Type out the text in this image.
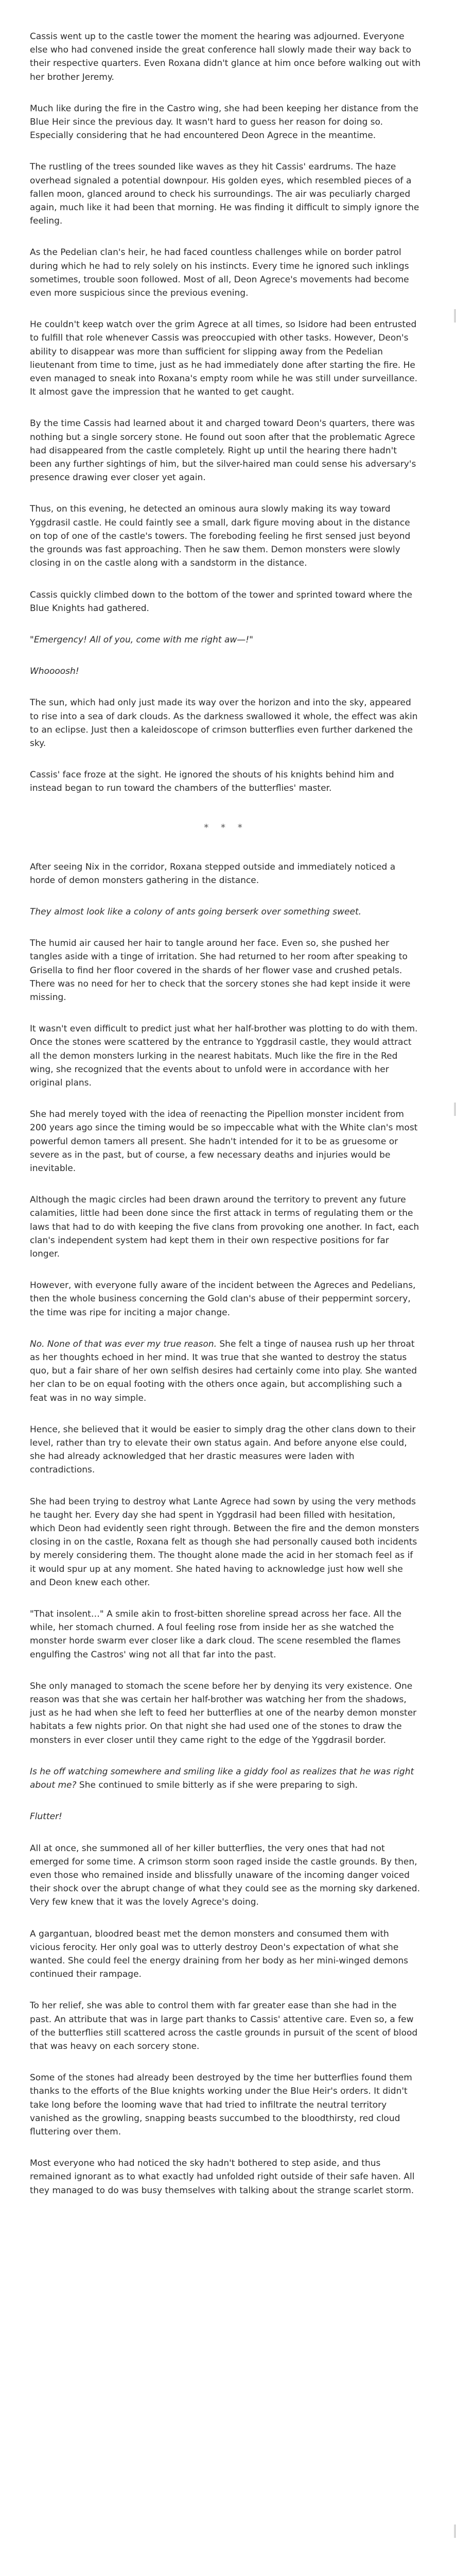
Cassis went up to the castle tower the moment the hearing was adjourned. Everyone else who had convened inside the great conference hall slowly made their way back to their respective quarters. Even Roxana didn't glance at him once before walking out with her brother Jeremy.

Much like during the fire in the Castro wing, she had been keeping her distance from the Blue Heir since the previous day. It wasn't hard to guess her reason for doing so. Especially considering that he had encountered Deon Agrece in the meantime.

The rustling of the trees sounded like waves as they hit Cassis' eardrums. The haze overhead signaled a potential downpour. His golden eyes, which resembled pieces of a fallen moon, glanced around to check his surroundings. The air was peculiarly charged again, much like it had been that morning. He was finding it difficult to simply ignore the feeling.

As the Pedelian clan's heir, he had faced countless challenges while on border patrol during which he had to rely solely on his instincts. Every time he ignored such inklings sometimes, trouble soon followed. Most of all, Deon Agrece's movements had become even more suspicious since the previous evening.

He couldn't keep watch over the grim Agrece at all times, so Isidore had been entrusted to fulfill that role whenever Cassis was preoccupied with other tasks. However, Deon's ability to disappear was more than sufficient for slipping away from the Pedelian lieutenant from time to time, just as he had immediately done after starting the fire. He even managed to sneak into Roxana's empty room while he was still under surveillance. It almost gave the impression that he wanted to get caught.

By the time Cassis had learned about it and charged toward Deon's quarters, there was nothing but a single sorcery stone. He found out soon after that the problematic Agrece had disappeared from the castle completely. Right up until the hearing there hadn't been any further sightings of him, but the silver-haired man could sense his adversary's presence drawing ever closer yet again.

Thus, on this evening, he detected an ominous aura slowly making its way toward Yggdrasil castle. He could faintly see a small, dark figure moving about in the distance on top of one of the castle's towers. The foreboding feeling he first sensed just beyond the grounds was fast approaching. Then he saw them. Demon monsters were slowly closing in on the castle along with a sandstorm in the distance.

Cassis quickly climbed down to the bottom of the tower and sprinted toward where the Blue Knights had gathered.

"Emergency! All of you, come with me right aw—!"

Whoooosh!

The sun, which had only just made its way over the horizon and into the sky, appeared to rise into a sea of dark clouds. As the darkness swallowed it whole, the effect was akin to an eclipse. Just then a kaleidoscope of crimson butterflies even further darkened the sky.

Cassis' face froze at the sight. He ignored the shouts of his knights behind him and instead began to run toward the chambers of the butterflies' master.

* * *

After seeing Nix in the corridor, Roxana stepped outside and immediately noticed a horde of demon monsters gathering in the distance.

They almost look like a colony of ants going berserk over something sweet.

The humid air caused her hair to tangle around her face. Even so, she pushed her tangles aside with a tinge of irritation. She had returned to her room after speaking to Grisella to find her floor covered in the shards of her flower vase and crushed petals. There was no need for her to check that the sorcery stones she had kept inside it were missing.

It wasn't even difficult to predict just what her half-brother was plotting to do with them. Once the stones were scattered by the entrance to Yggdrasil castle, they would attract all the demon monsters lurking in the nearest habitats. Much like the fire in the Red wing, she recognized that the events about to unfold were in accordance with her original plans.

She had merely toyed with the idea of reenacting the Pipellion monster incident from 200 years ago since the timing would be so impeccable what with the White clan's most powerful demon tamers all present. She hadn't intended for it to be as gruesome or severe as in the past, but of course, a few necessary deaths and injuries would be inevitable.

Although the magic circles had been drawn around the territory to prevent any future calamities, little had been done since the first attack in terms of regulating them or the laws that had to do with keeping the five clans from provoking one another. In fact, each clan's independent system had kept them in their own respective positions for far longer.

However, with everyone fully aware of the incident between the Agreces and Pedelians, then the whole business concerning the Gold clan's abuse of their peppermint sorcery, the time was ripe for inciting a major change.

No. None of that was ever my true reason. She felt a tinge of nausea rush up her throat as her thoughts echoed in her mind. It was true that she wanted to destroy the status quo, but a fair share of her own selfish desires had certainly come into play. She wanted her clan to be on equal footing with the others once again, but accomplishing such a feat was in no way simple.

Hence, she believed that it would be easier to simply drag the other clans down to their level, rather than try to elevate their own status again. And before anyone else could, she had already acknowledged that her drastic measures were laden with contradictions.

She had been trying to destroy what Lante Agrece had sown by using the very methods he taught her. Every day she had spent in Yggdrasil had been filled with hesitation, which Deon had evidently seen right through. Between the fire and the demon monsters closing in on the castle, Roxana felt as though she had personally caused both incidents by merely considering them. The thought alone made the acid in her stomach feel as if it would spur up at any moment. She hated having to acknowledge just how well she and Deon knew each other.

"That insolent…" A smile akin to frost-bitten shoreline spread across her face. All the while, her stomach churned. A foul feeling rose from inside her as she watched the monster horde swarm ever closer like a dark cloud. The scene resembled the flames engulfing the Castros' wing not all that far into the past.

She only managed to stomach the scene before her by denying its very existence. One reason was that she was certain her half-brother was watching her from the shadows, just as he had when she left to feed her butterflies at one of the nearby demon monster habitats a few nights prior. On that night she had used one of the stones to draw the monsters in ever closer until they came right to the edge of the Yggdrasil border.

Is he off watching somewhere and smiling like a giddy fool as realizes that he was right about me? She continued to smile bitterly as if she were preparing to sigh.

Flutter!

All at once, she summoned all of her killer butterflies, the very ones that had not emerged for some time. A crimson storm soon raged inside the castle grounds. By then, even those who remained inside and blissfully unaware of the incoming danger voiced their shock over the abrupt change of what they could see as the morning sky darkened. Very few knew that it was the lovely Agrece's doing.

A gargantuan, bloodred beast met the demon monsters and consumed them with vicious ferocity. Her only goal was to utterly destroy Deon's expectation of what she wanted. She could feel the energy draining from her body as her mini-winged demons continued their rampage.

To her relief, she was able to control them with far greater ease than she had in the past. An attribute that was in large part thanks to Cassis' attentive care. Even so, a few of the butterflies still scattered across the castle grounds in pursuit of the scent of blood that was heavy on each sorcery stone.

Some of the stones had already been destroyed by the time her butterflies found them thanks to the efforts of the Blue knights working under the Blue Heir's orders. It didn't take long before the looming wave that had tried to infiltrate the neutral territory vanished as the growling, snapping beasts succumbed to the bloodthirsty, red cloud fluttering over them.

Most everyone who had noticed the sky hadn't bothered to step aside, and thus remained ignorant as to what exactly had unfolded right outside of their safe haven. All they managed to do was busy themselves with talking about the strange scarlet storm.
